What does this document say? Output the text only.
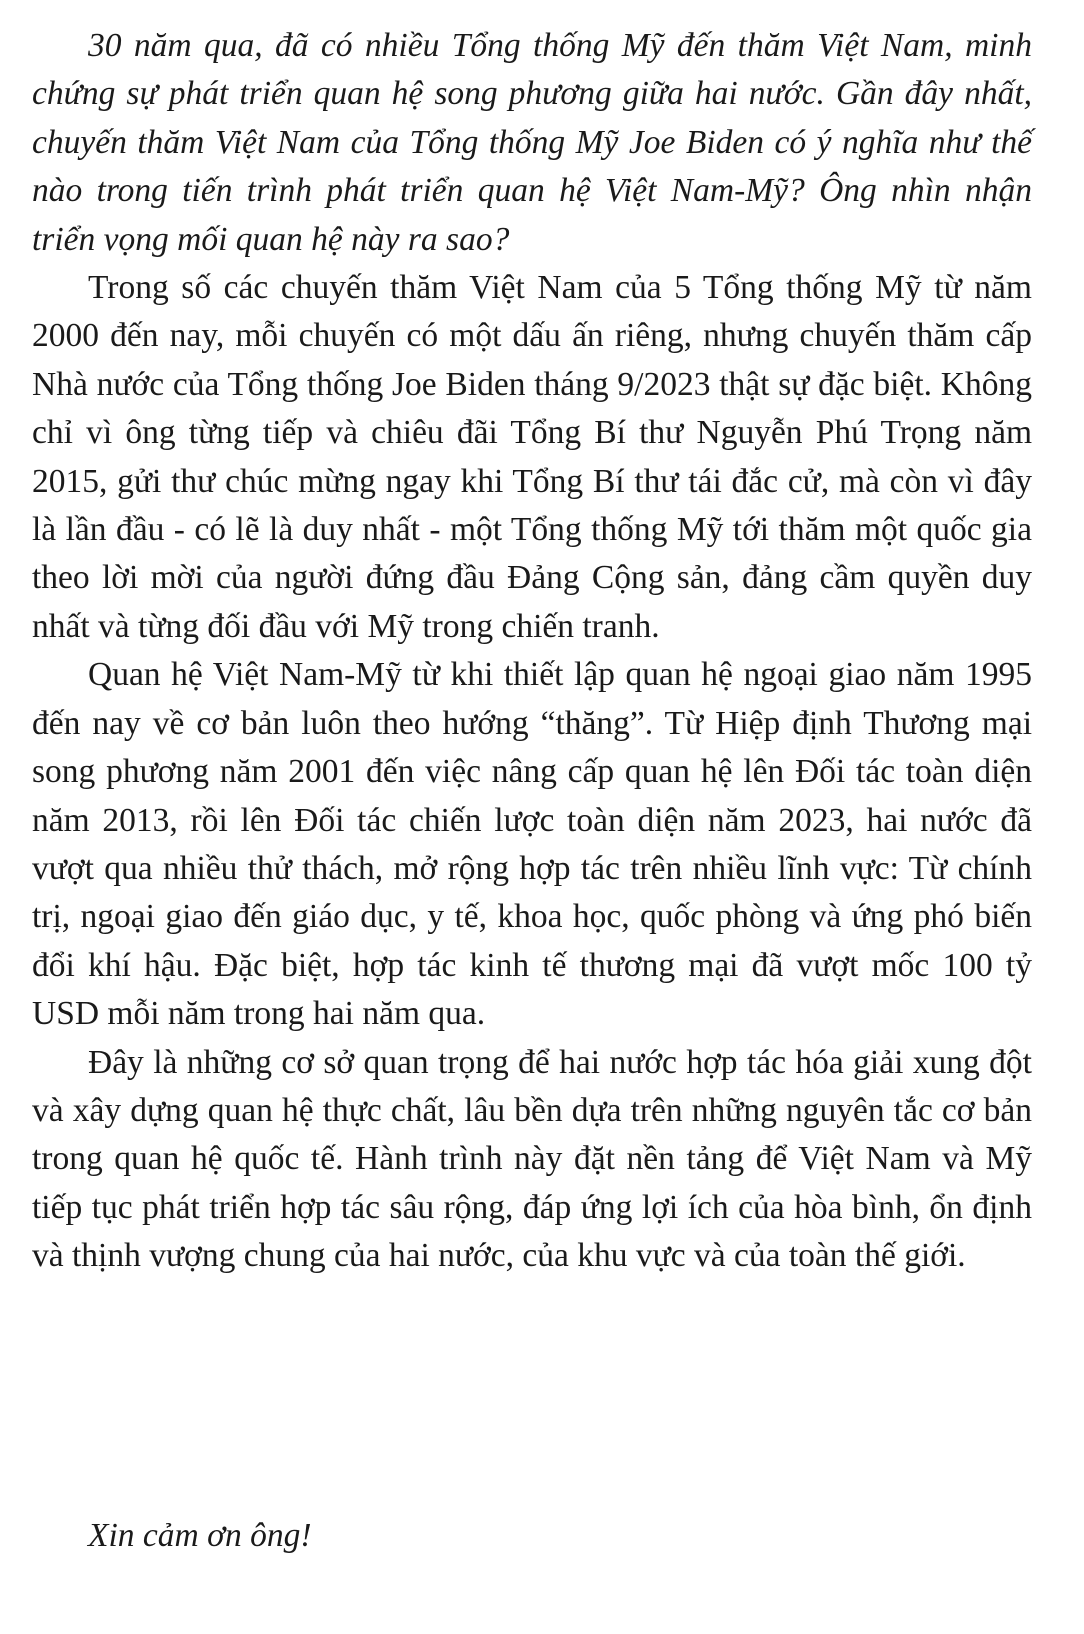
30 năm qua, đã có nhiều Tổng thống Mỹ đến thăm Việt Nam, minh chứng sự phát triển quan hệ song phương giữa hai nước. Gần đây nhất, chuyến thăm Việt Nam của Tổng thống Mỹ Joe Biden có ý nghĩa như thế nào trong tiến trình phát triển quan hệ Việt Nam-Mỹ? Ông nhìn nhận triển vọng mối quan hệ này ra sao?

Trong số các chuyến thăm Việt Nam của 5 Tổng thống Mỹ từ năm 2000 đến nay, mỗi chuyến có một dấu ấn riêng, nhưng chuyến thăm cấp Nhà nước của Tổng thống Joe Biden tháng 9/2023 thật sự đặc biệt. Không chỉ vì ông từng tiếp và chiêu đãi Tổng Bí thư Nguyễn Phú Trọng năm 2015, gửi thư chúc mừng ngay khi Tổng Bí thư tái đắc cử, mà còn vì đây là lần đầu - có lẽ là duy nhất - một Tổng thống Mỹ tới thăm một quốc gia theo lời mời của người đứng đầu Đảng Cộng sản, đảng cầm quyền duy nhất và từng đối đầu với Mỹ trong chiến tranh.

Quan hệ Việt Nam-Mỹ từ khi thiết lập quan hệ ngoại giao năm 1995 đến nay về cơ bản luôn theo hướng “thăng”. Từ Hiệp định Thương mại song phương năm 2001 đến việc nâng cấp quan hệ lên Đối tác toàn diện năm 2013, rồi lên Đối tác chiến lược toàn diện năm 2023, hai nước đã vượt qua nhiều thử thách, mở rộng hợp tác trên nhiều lĩnh vực: Từ chính trị, ngoại giao đến giáo dục, y tế, khoa học, quốc phòng và ứng phó biến đổi khí hậu. Đặc biệt, hợp tác kinh tế thương mại đã vượt mốc 100 tỷ USD mỗi năm trong hai năm qua.

Đây là những cơ sở quan trọng để hai nước hợp tác hóa giải xung đột và xây dựng quan hệ thực chất, lâu bền dựa trên những nguyên tắc cơ bản trong quan hệ quốc tế. Hành trình này đặt nền tảng để Việt Nam và Mỹ tiếp tục phát triển hợp tác sâu rộng, đáp ứng lợi ích của hòa bình, ổn định và thịnh vượng chung của hai nước, của khu vực và của toàn thế giới.

Xin cảm ơn ông!
